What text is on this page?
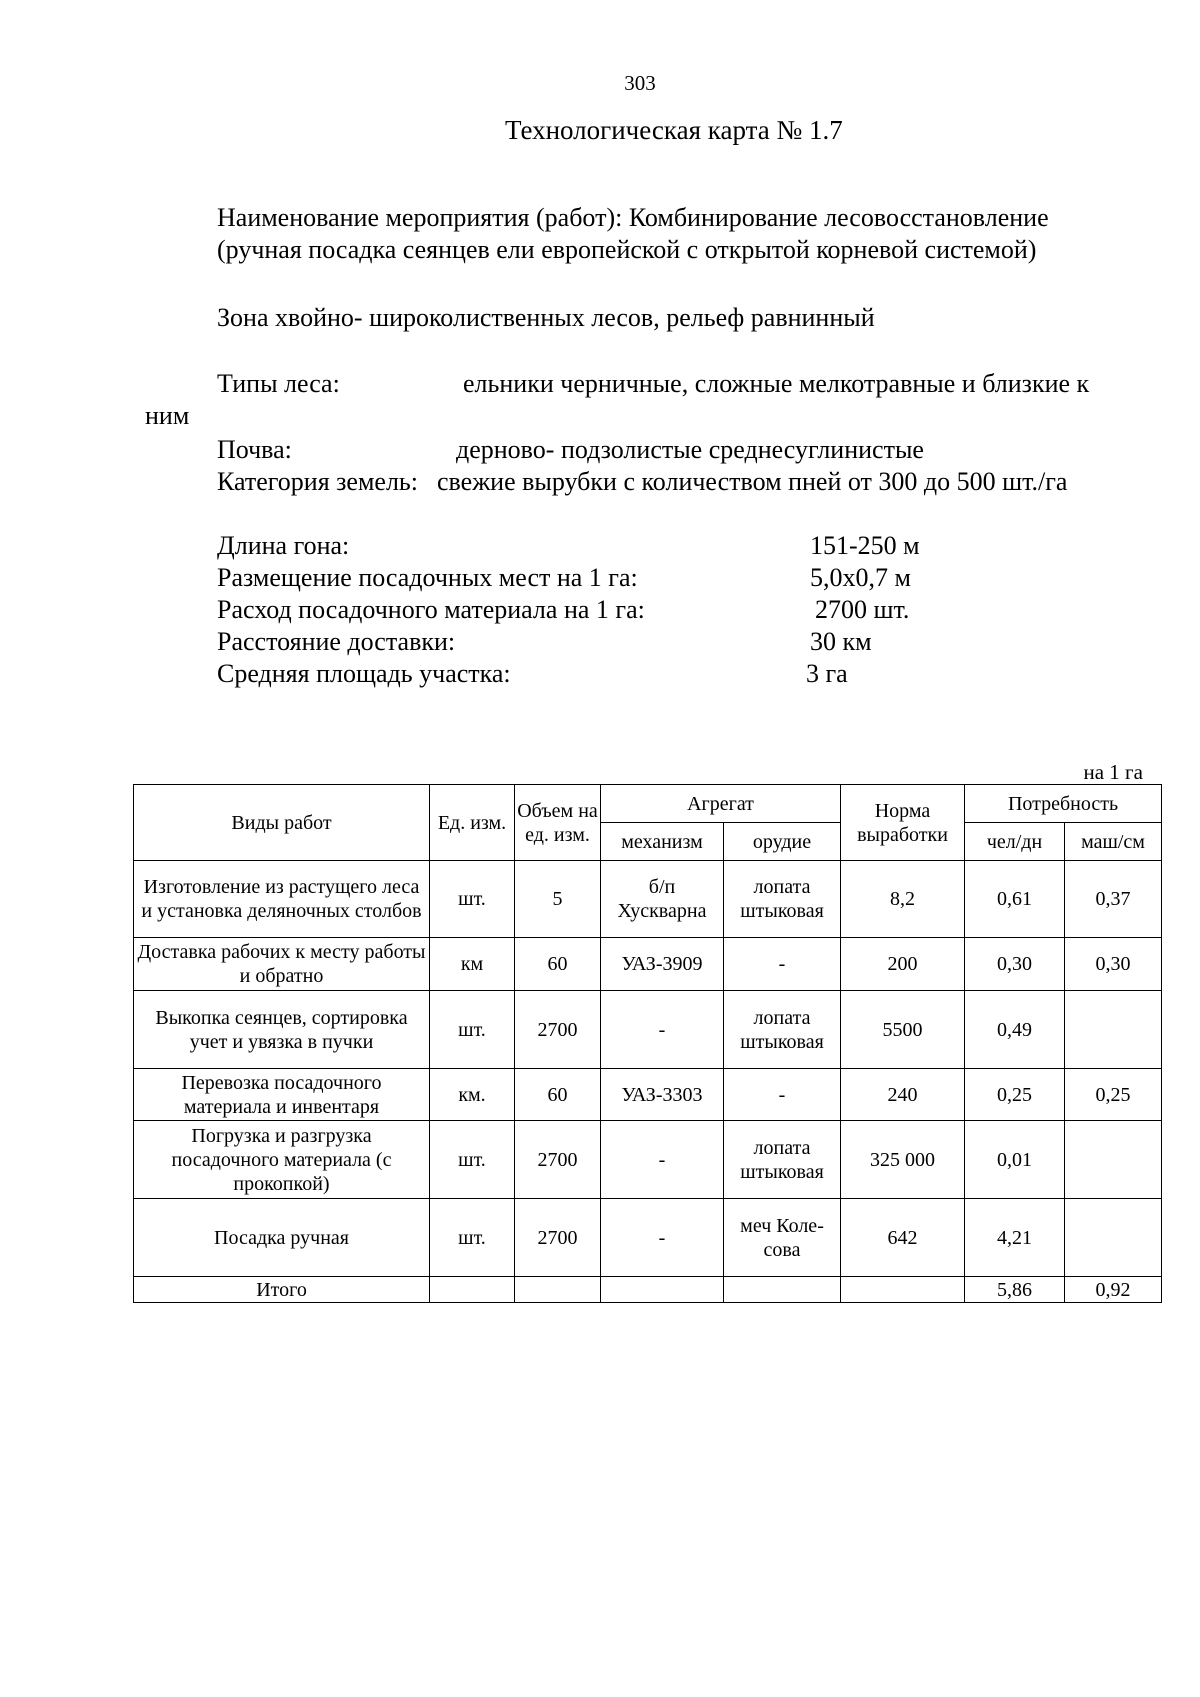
303
Технологическая карта № 1.7
Наименование мероприятия (работ): Комбинирование лесовосстановление
(ручная посадка сеянцев ели европейской с открытой корневой системой)
Зона хвойно- широколиственных лесов, рельеф равнинный
Типы леса:	ельники черничные, сложные мелкотравные и близкие к
ним
Почва:	дерново- подзолистые среднесуглинистые
Категория земель: свежие вырубки с количеством пней от 300 до 500 шт./га
Длина гона:	151-250 м
Размещение посадочных мест на 1 га:	5,0х0,7 м
Расход посадочного материала на 1 га:	2700 шт.
Расстояние доставки:	30 км
Средняя площадь участка:	3 га
на 1 га
Виды работ	Ед. изм.	Объем на ед. изм.	Агрегат		Норма выработки	Потребность	
			механизм	орудие		чел/дн	маш/см
Изготовление из растущего леса и установка деляночных столбов	шт.	5	б/п Хускварна	лопата штыковая	8,2	0,61	0,37
Доставка рабочих к месту работы и обратно	км	60	УАЗ-3909	-	200	0,30	0,30
Выкопка сеянцев, сортировка учет и увязка в пучки	шт.	2700	-	лопата штыковая	5500	0,49	
Перевозка посадочного материала и инвентаря	км.	60	УАЗ-3303	-	240	0,25	0,25
Погрузка и разгрузка посадочного материала (с прокопкой)	шт.	2700	-	лопата штыковая	325 000	0,01	
Посадка ручная	шт.	2700	-	меч Коле-сова	642	4,21	
Итого						5,86	0,92
